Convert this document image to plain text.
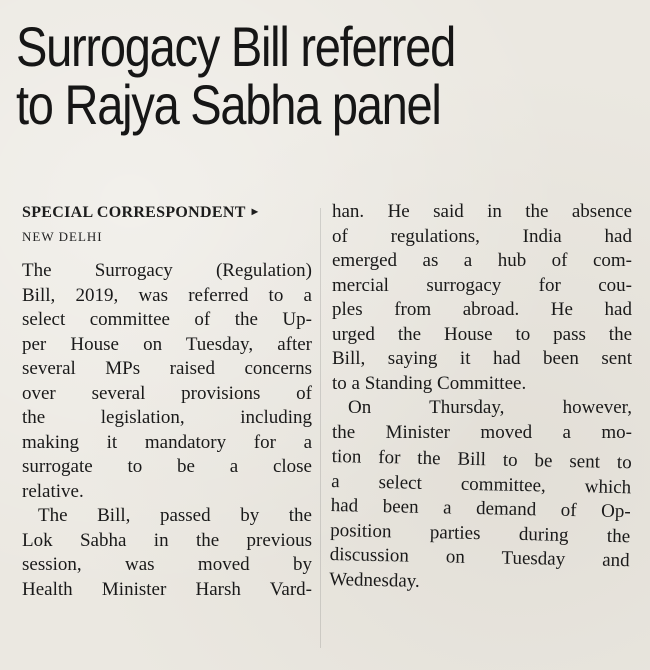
Surrogacy Bill referred
to Rajya Sabha panel
SPECIAL CORRESPONDENT ▸
NEW DELHI
The Surrogacy (Regulation)
Bill, 2019, was referred to a
select committee of the Up-
per House on Tuesday, after
several MPs raised concerns
over several provisions of
the legislation, including
making it mandatory for a
surrogate to be a close
relative.
The Bill, passed by the
Lok Sabha in the previous
session, was moved by
Health Minister Harsh Vard-
han. He said in the absence
of regulations, India had
emerged as a hub of com-
mercial surrogacy for cou-
ples from abroad. He had
urged the House to pass the
Bill, saying it had been sent
to a Standing Committee.
On Thursday, however,
the Minister moved a mo-
tion for the Bill to be sent to
a select committee, which
had been a demand of Op-
position parties during the
discussion on Tuesday and
Wednesday.
